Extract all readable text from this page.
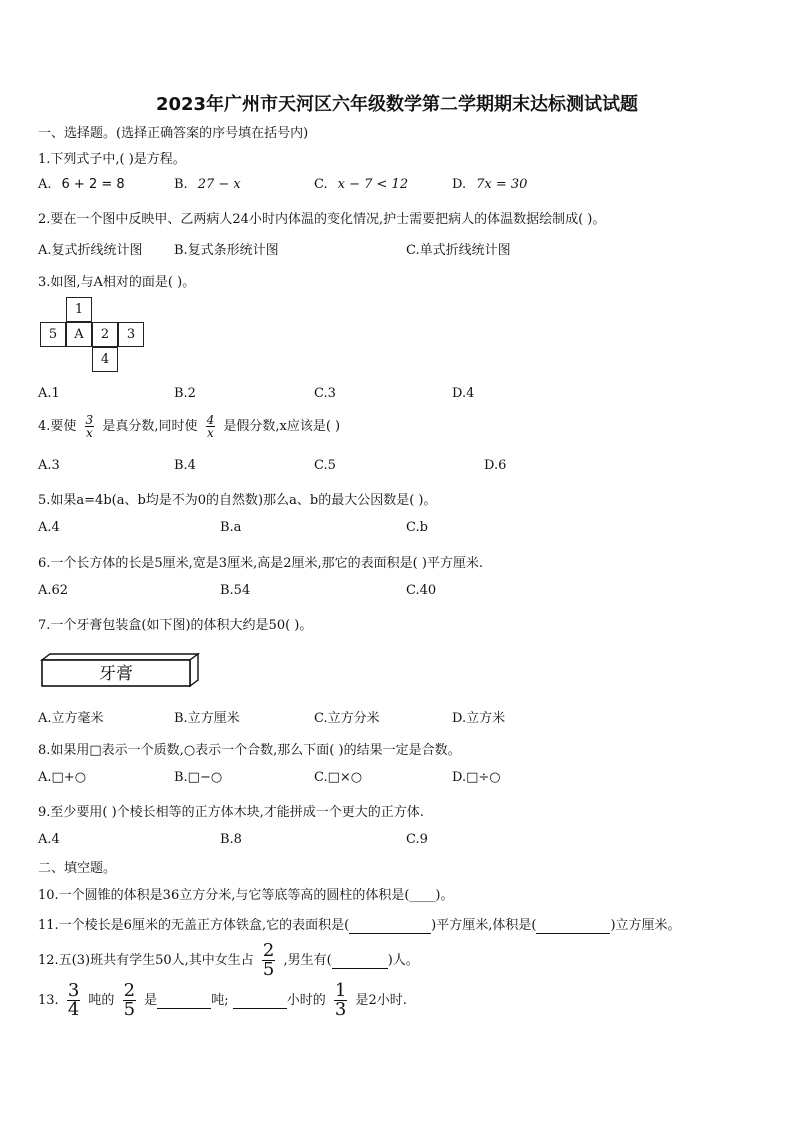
2023年广州市天河区六年级数学第二学期期末达标测试试题
一、选择题。(选择正确答案的序号填在括号内)
1.下列式子中,( )是方程。
A. 6 + 2 = 8	B. 27 − x	C. x − 7 < 12	D. 7x = 30
2.要在一个图中反映甲、乙两病人24小时内体温的变化情况,护士需要把病人的体温数据绘制成( )。
A.复式折线统计图 B.复式条形统计图	C.单式折线统计图
3.如图,与A相对的面是( )。
1
5	A	2	3
4
A.1	B.2	C.3	D.4
4.要使 $\frac{3}{x}$ 是真分数,同时使 $\frac{4}{x}$ 是假分数,x应该是( )
A.3	B.4	C.5	D.6
5.如果a=4b(a、b均是不为0的自然数)那么a、b的最大公因数是( )。
A.4	B.a	C.b
6.一个长方体的长是5厘米,宽是3厘米,高是2厘米,那它的表面积是( )平方厘米.
A.62	B.54	C.40
7.一个牙膏包装盒(如下图)的体积大约是50( )。
牙膏
A.立方毫米	B.立方厘米	C.立方分米	D.立方米
8.如果用□表示一个质数,○表示一个合数,那么下面( )的结果一定是合数。
A.□+○	B.□−○	C.□×○	D.□÷○
9.至少要用( )个棱长相等的正方体木块,才能拼成一个更大的正方体.
A.4	B.8	C.9
二、填空题。
10.一个圆锥的体积是36立方分米,与它等底等高的圆柱的体积是(____)。
11.一个棱长是6厘米的无盖正方体铁盒,它的表面积是(	)平方厘米,体积是(	)立方厘米。
12.五(3)班共有学生50人,其中女生占 $\frac{2}{5}$ ,男生有(	)人。
13. $\frac{3}{4}$ 吨的 $\frac{2}{5}$ 是	吨;	小时的 $\frac{1}{3}$ 是2小时.
